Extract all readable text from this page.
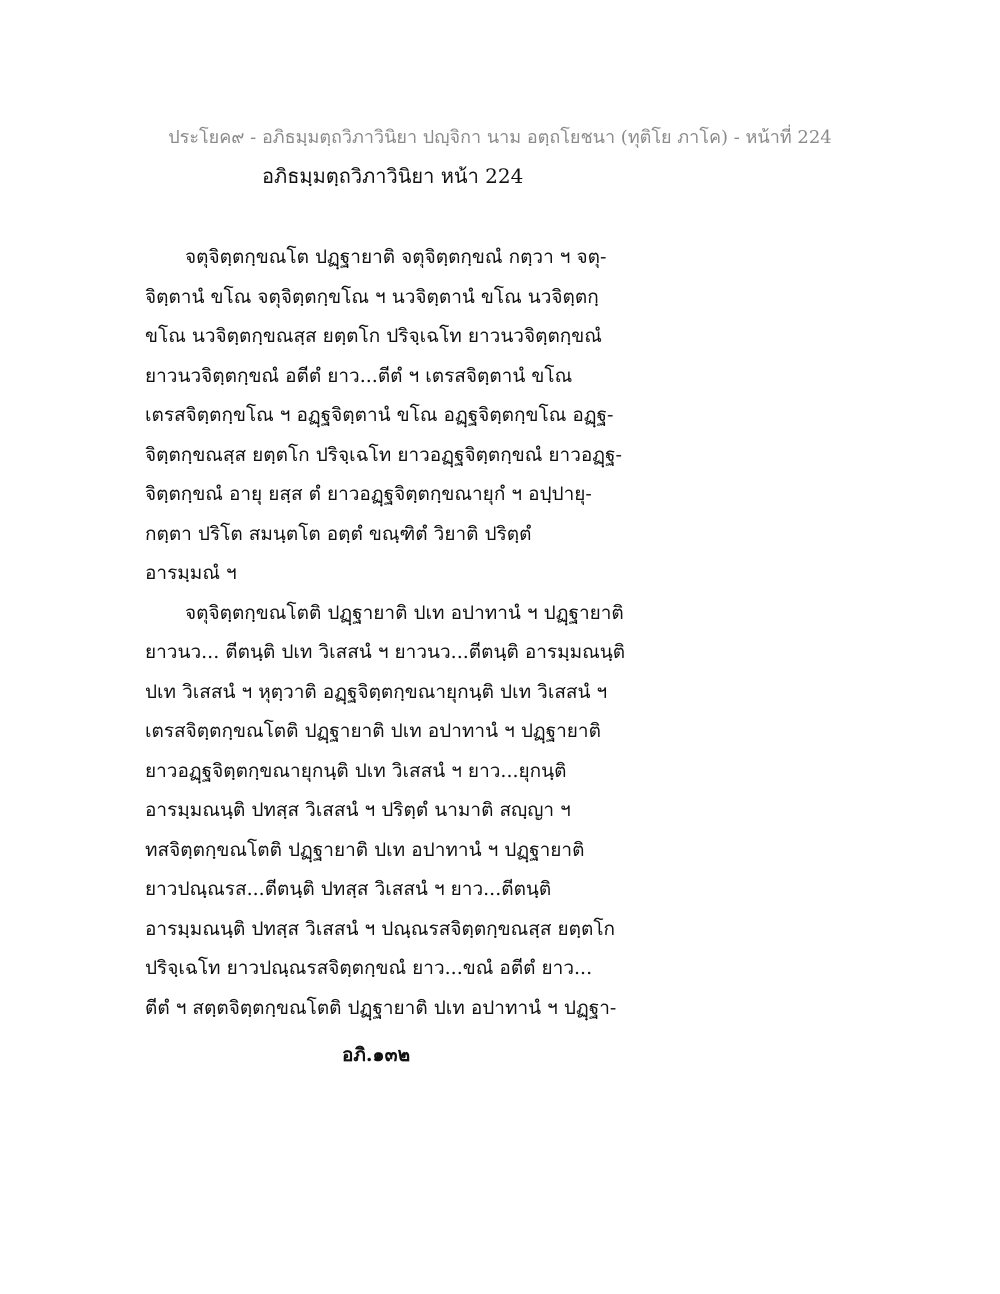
ประโยค๙ - อภิธมฺมตฺถวิภาวินิยา ปญฺจิกา นาม อตฺถโยชนา (ทุติโย ภาโค) - หน้าที่ 224
อภิธมฺมตฺถวิภาวินิยา หน้า 224
จตุจิตฺตกฺขณโต ปฏฺฐายาติ จตุจิตฺตกฺขณํ กตฺวา ฯ จตุ-
จิตฺตานํ ขโณ จตุจิตฺตกฺขโณ ฯ นวจิตฺตานํ ขโณ นวจิตฺตกฺ
ขโณ นวจิตฺตกฺขณสฺส ยตฺตโก ปริจฺเฉโท ยาวนวจิตฺตกฺขณํ
ยาวนวจิตฺตกฺขณํ อตีตํ ยาว...ตีตํ ฯ เตรสจิตฺตานํ ขโณ
เตรสจิตฺตกฺขโณ ฯ อฏฺฐจิตฺตานํ ขโณ อฏฺฐจิตฺตกฺขโณ อฏฺฐ-
จิตฺตกฺขณสฺส ยตฺตโก ปริจฺเฉโท ยาวอฏฺฐจิตฺตกฺขณํ ยาวอฏฺฐ-
จิตฺตกฺขณํ อายุ ยสฺส ตํ ยาวอฏฺฐจิตฺตกฺขณายุกํ ฯ อปฺปายุ-
กตฺตา ปริโต สมนฺตโต อตฺตํ ขณฺฑิตํ วิยาติ ปริตฺตํ
อารมฺมณํ ฯ
จตุจิตฺตกฺขณโตติ ปฏฺฐายาติ ปเท อปาทานํ ฯ ปฏฺฐายาติ
ยาวนว... ตีตนฺติ ปเท วิเสสนํ ฯ ยาวนว...ตีตนฺติ อารมฺมณนฺติ
ปเท วิเสสนํ ฯ หุตฺวาติ อฏฺฐจิตฺตกฺขณายุกนฺติ ปเท วิเสสนํ ฯ
เตรสจิตฺตกฺขณโตติ ปฏฺฐายาติ ปเท อปาทานํ ฯ ปฏฺฐายาติ
ยาวอฏฺฐจิตฺตกฺขณายุกนฺติ ปเท วิเสสนํ ฯ ยาว...ยุกนฺติ
อารมฺมณนฺติ ปทสฺส วิเสสนํ ฯ ปริตฺตํ นามาติ สญฺญา ฯ
ทสจิตฺตกฺขณโตติ ปฏฺฐายาติ ปเท อปาทานํ ฯ ปฏฺฐายาติ
ยาวปณฺณรส...ตีตนฺติ ปทสฺส วิเสสนํ ฯ ยาว...ตีตนฺติ
อารมฺมณนฺติ ปทสฺส วิเสสนํ ฯ ปณฺณรสจิตฺตกฺขณสฺส ยตฺตโก
ปริจฺเฉโท ยาวปณฺณรสจิตฺตกฺขณํ ยาว...ขณํ อตีตํ ยาว...
ตีตํ ฯ สตฺตจิตฺตกฺขณโตติ ปฏฺฐายาติ ปเท อปาทานํ ฯ ปฏฺฐา-
อภิ.๑๓๒
